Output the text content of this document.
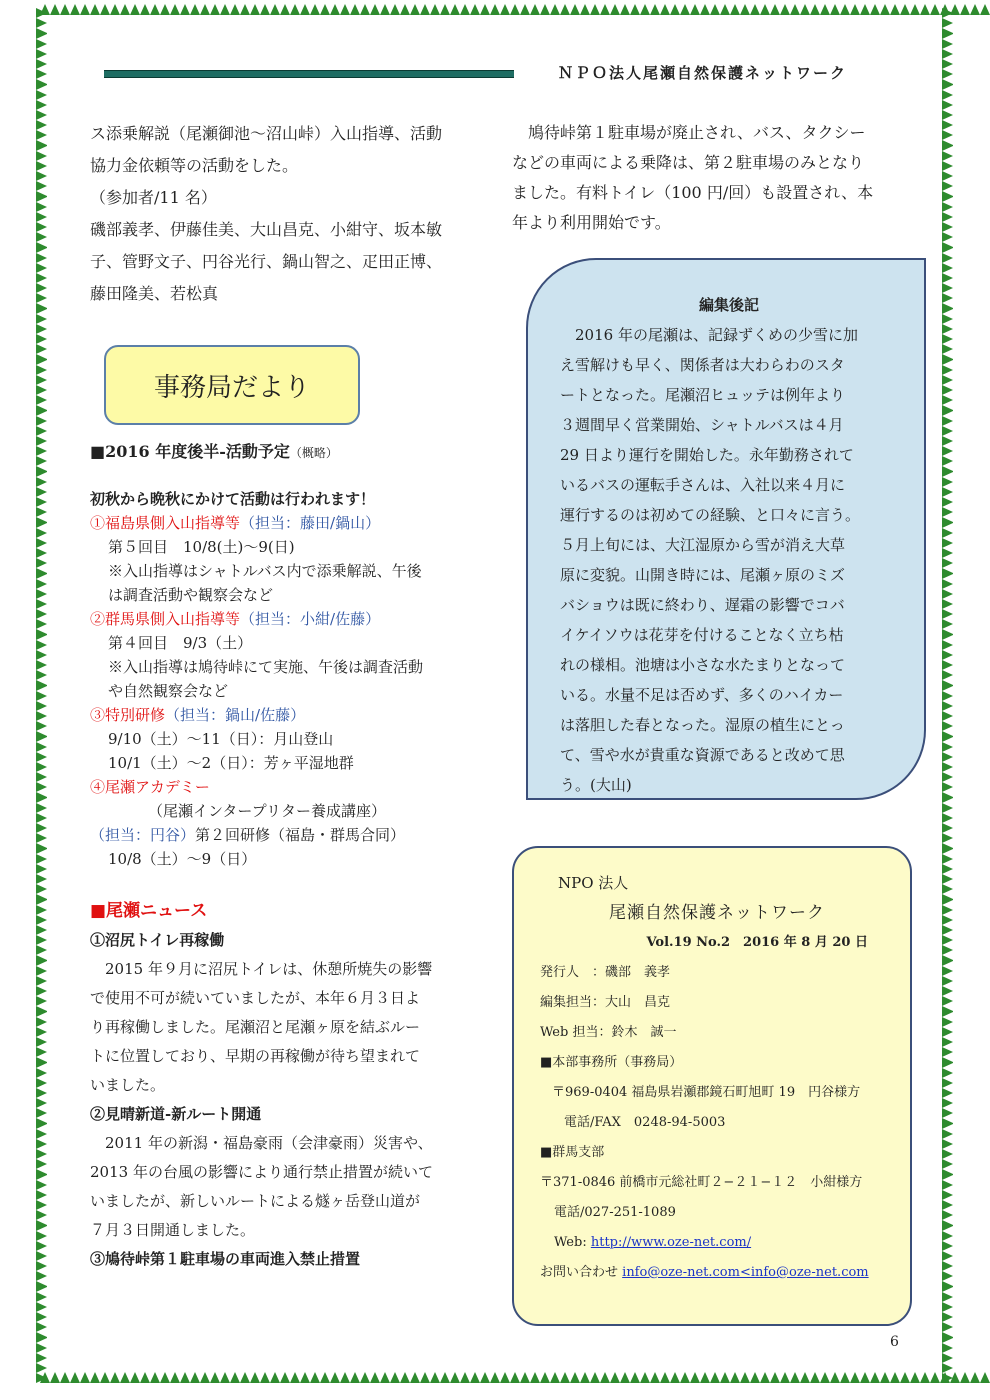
ＮＰＯ法人尾瀬自然保護ネットワーク

ス添乗解説（尾瀬御池～沼山峠）入山指導、活動

協力金依頼等の活動をした。

（参加者/11 名）

磯部義孝、伊藤佳美、大山昌克、小紺守、坂本敏

子、管野文子、円谷光行、鍋山智之、疋田正博、

藤田隆美、若松真

事務局だより
■2016 年度後半-活動予定（概略）
初秋から晩秋にかけて活動は行われます！
①福島県側入山指導等（担当：藤田/鍋山）
第５回目　10/8(土)～9(日)
※入山指導はシャトルバス内で添乗解説、午後
は調査活動や観察会など
②群馬県側入山指導等（担当：小紺/佐藤）
第４回目　9/3（土）
※入山指導は鳩待峠にて実施、午後は調査活動
や自然観察会など
③特別研修（担当：鍋山/佐藤）
9/10（土）～11（日）：月山登山
10/1（土）～2（日）：芳ヶ平湿地群
④尾瀬アカデミー
（尾瀬インタープリター養成講座）
（担当：円谷）第２回研修（福島・群馬合同）
10/8（土）～9（日）
■尾瀬ニュース
①沼尻トイレ再稼働
2015 年９月に沼尻トイレは、休憩所焼失の影響
で使用不可が続いていましたが、本年６月３日よ
り再稼働しました。尾瀬沼と尾瀬ヶ原を結ぶルー
トに位置しており、早期の再稼働が待ち望まれて
いました。
②見晴新道-新ルート開通
2011 年の新潟・福島豪雨（会津豪雨）災害や、
2013 年の台風の影響により通行禁止措置が続いて
いましたが、新しいルートによる燧ヶ岳登山道が
７月３日開通しました。
③鳩待峠第１駐車場の車両進入禁止措置
鳩待峠第１駐車場が廃止され、バス、タクシー
などの車両による乗降は、第２駐車場のみとなり
ました。有料トイレ（100 円/回）も設置され、本
年より利用開始です。
編集後記
2016 年の尾瀬は、記録ずくめの少雪に加
え雪解けも早く、関係者は大わらわのスタ
ートとなった。尾瀬沼ヒュッテは例年より
３週間早く営業開始、シャトルバスは４月
29 日より運行を開始した。永年勤務されて
いるバスの運転手さんは、入社以来４月に
運行するのは初めての経験、と口々に言う。
５月上旬には、大江湿原から雪が消え大草
原に変貌。山開き時には、尾瀬ヶ原のミズ
バショウは既に終わり、遅霜の影響でコバ
イケイソウは花芽を付けることなく立ち枯
れの様相。池塘は小さな水たまりとなって
いる。水量不足は否めず、多くのハイカー
は落胆した春となった。湿原の植生にとっ
て、雪や水が貴重な資源であると改めて思
う。(大山)
NPO 法人
尾瀬自然保護ネットワーク
Vol.19 No.2　2016 年 8 月 20 日
発行人　：磯部　義孝
編集担当：大山　昌克
Web 担当：鈴木　誠一
■本部事務所（事務局）
〒969-0404 福島県岩瀬郡鏡石町旭町 19　円谷様方
電話/FAX　0248-94-5003
■群馬支部
〒371-0846 前橋市元総社町２−２１−１２　小紺様方
電話/027-251-1089
Web: http://www.oze-net.com/
お問い合わせ info@oze-net.com<info@oze-net.com
6
